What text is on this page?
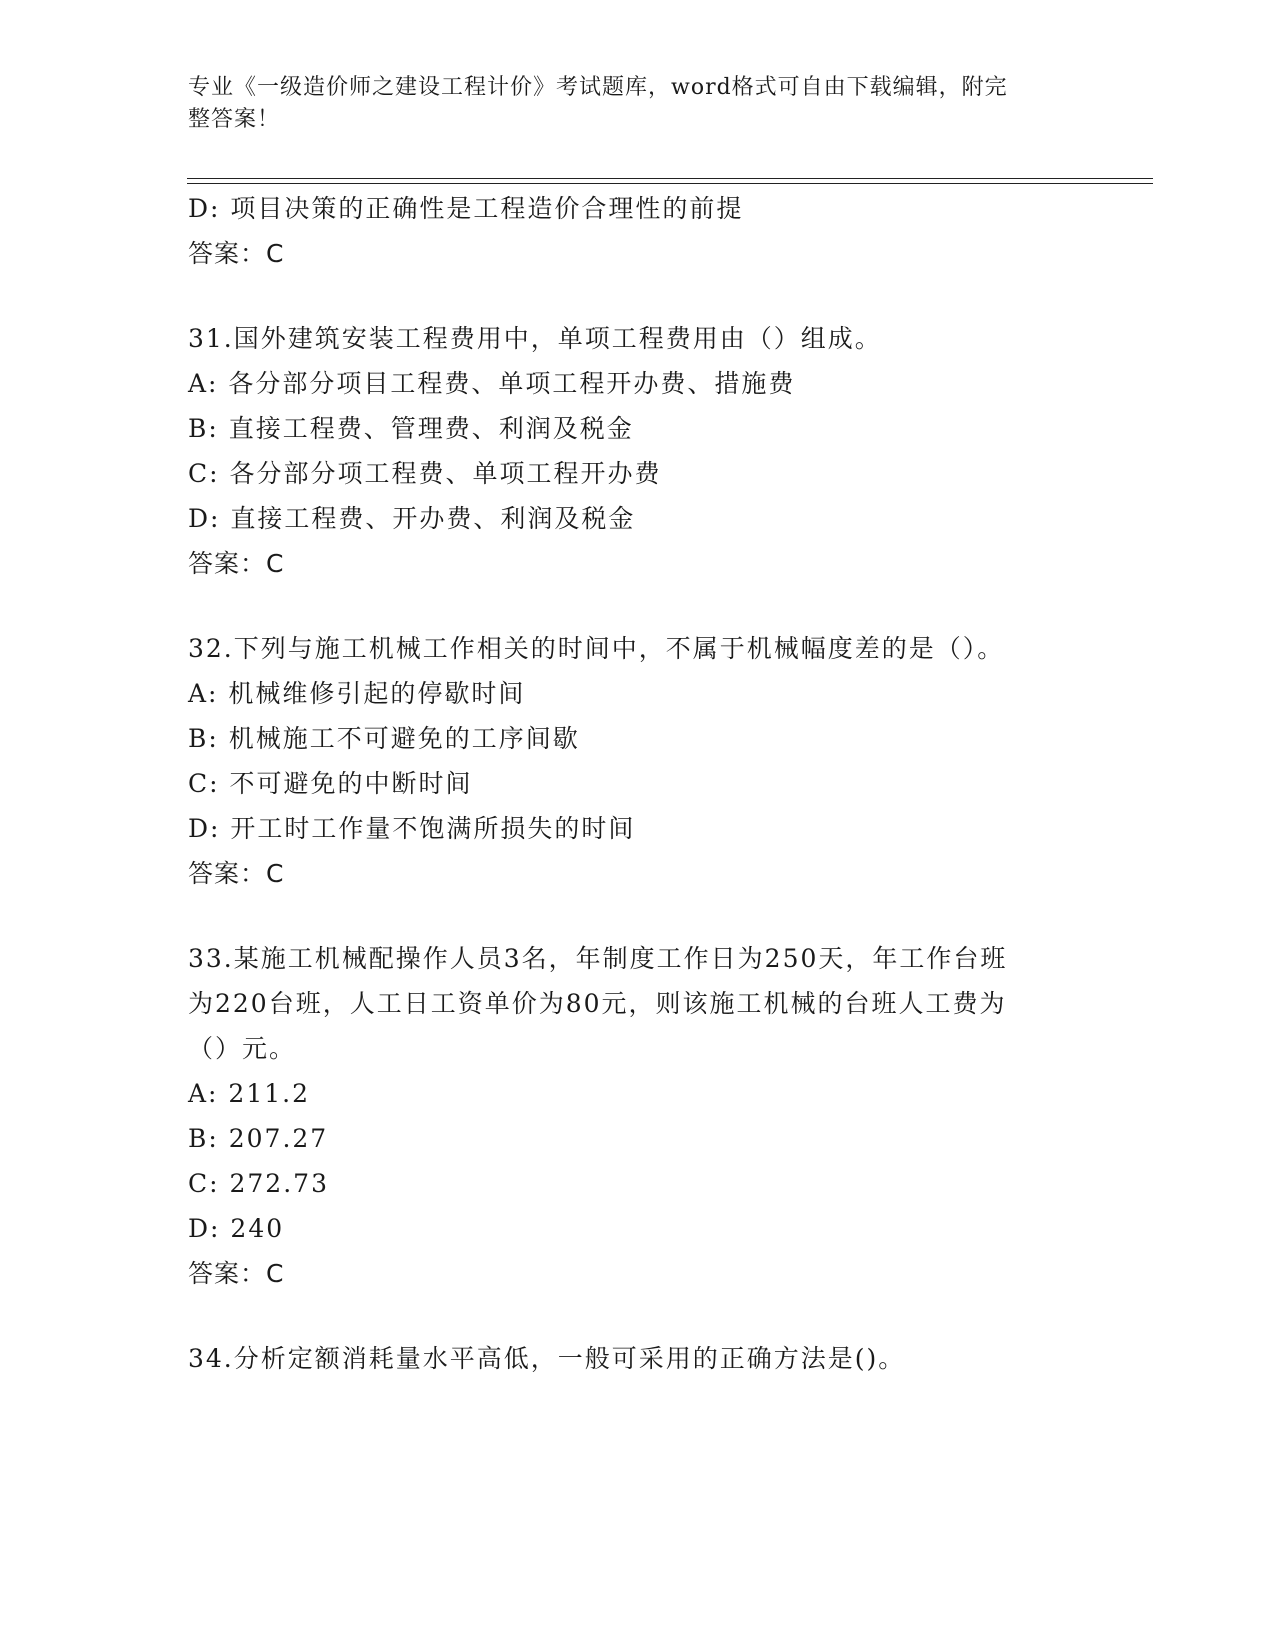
专业《一级造价师之建设工程计价》考试题库，word格式可自由下载编辑，附完
整答案！
D: 项目决策的正确性是工程造价合理性的前提
答案：C
31.国外建筑安装工程费用中，单项工程费用由（）组成。
A: 各分部分项目工程费、单项工程开办费、措施费
B: 直接工程费、管理费、利润及税金
C: 各分部分项工程费、单项工程开办费
D: 直接工程费、开办费、利润及税金
答案：C
32.下列与施工机械工作相关的时间中，不属于机械幅度差的是（）。
A: 机械维修引起的停歇时间
B: 机械施工不可避免的工序间歇
C: 不可避免的中断时间
D: 开工时工作量不饱满所损失的时间
答案：C
33.某施工机械配操作人员3名，年制度工作日为250天，年工作台班
为220台班，人工日工资单价为80元，则该施工机械的台班人工费为
（）元。
A: 211.2
B: 207.27
C: 272.73
D: 240
答案：C
34.分析定额消耗量水平高低，一般可采用的正确方法是()。
